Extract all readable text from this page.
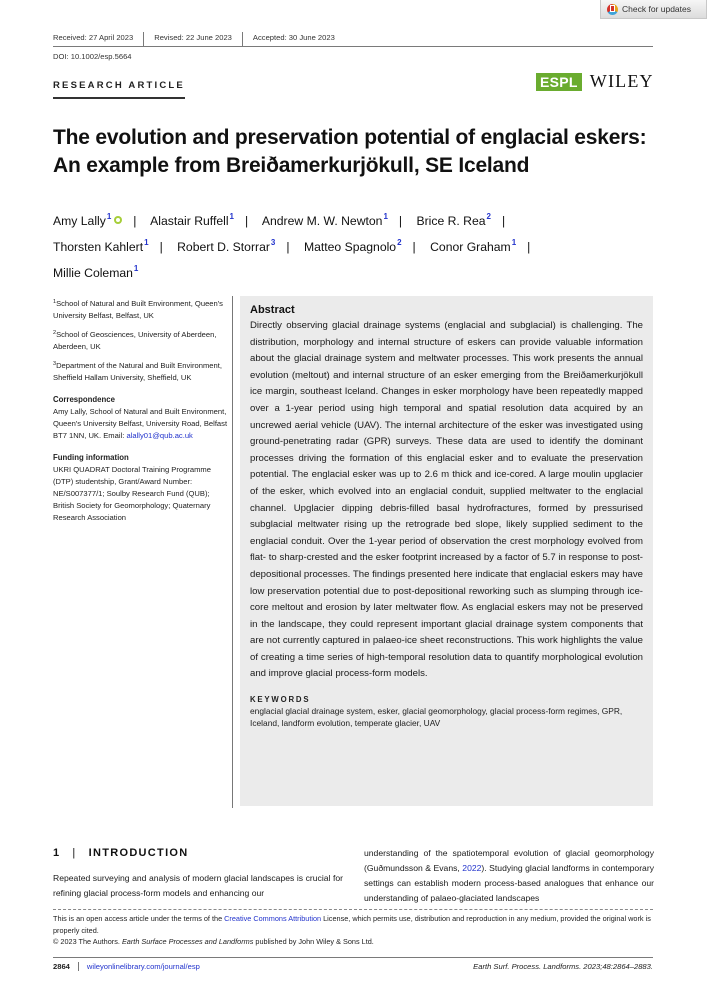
Check for updates
Received: 27 April 2023	Revised: 22 June 2023	Accepted: 30 June 2023
DOI: 10.1002/esp.5664
RESEARCH ARTICLE	ESPL WILEY
The evolution and preservation potential of englacial eskers:
An example from Breiðamerkurjökull, SE Iceland
Amy Lally$^1$ | Alastair Ruffell$^1$ | Andrew M. W. Newton$^1$ | Brice R. Rea$^2$ |
Thorsten Kahlert$^1$ | Robert D. Storrar$^3$ | Matteo Spagnolo$^2$ | Conor Graham$^1$ |
Millie Coleman$^1$
$^1$School of Natural and Built Environment, Queen's University Belfast, Belfast, UK
$^2$School of Geosciences, University of Aberdeen, Aberdeen, UK
$^3$Department of the Natural and Built Environment, Sheffield Hallam University, Sheffield, UK
Correspondence
Amy Lally, School of Natural and Built Environment, Queen's University Belfast, University Road, Belfast BT7 1NN, UK. Email: alally01@qub.ac.uk
Funding information
UKRI QUADRAT Doctoral Training Programme (DTP) studentship, Grant/Award Number: NE/S007377/1; Soulby Research Fund (QUB); British Society for Geomorphology; Quaternary Research Association
Abstract

Directly observing glacial drainage systems (englacial and subglacial) is challenging. The distribution, morphology and internal structure of eskers can provide valuable information about the glacial drainage system and meltwater processes. This work presents the annual evolution (meltout) and internal structure of an esker emerging from the Breiðamerkurjökull ice margin, southeast Iceland. Changes in esker morphology have been repeatedly mapped over a 1-year period using high temporal and spatial resolution data acquired by an uncrewed aerial vehicle (UAV). The internal architecture of the esker was investigated using ground-penetrating radar (GPR) surveys. These data are used to identify the dominant processes driving the formation of this englacial esker and to evaluate the preservation potential. The englacial esker was up to 2.6 m thick and ice-cored. A large moulin upglacier of the esker, which evolved into an englacial conduit, supplied meltwater to the englacial channel. Upglacier dipping debris-filled basal hydrofractures, formed by pressurised subglacial meltwater rising up the retrograde bed slope, likely supplied sediment to the englacial conduit. Over the 1-year period of observation the crest morphology evolved from flat- to sharp-crested and the esker footprint increased by a factor of 5.7 in response to post-depositional processes. The findings presented here indicate that englacial eskers may have low preservation potential due to post-depositional reworking such as slumping through ice-core meltout and erosion by later meltwater flow. As englacial eskers may not be preserved in the landscape, they could represent important glacial drainage system components that are not currently captured in palaeo-ice sheet reconstructions. This work highlights the value of creating a time series of high-temporal resolution data to quantify morphological evolution and improve glacial process-form models.

KEYWORDS
englacial glacial drainage system, esker, glacial geomorphology, glacial process-form regimes, GPR, Iceland, landform evolution, temperate glacier, UAV
1 | INTRODUCTION

Repeated surveying and analysis of modern glacial landscapes is crucial for refining glacial process-form models and enhancing our

understanding of the spatiotemporal evolution of glacial geomorphology (Guðmundsson & Evans, 2022). Studying glacial landforms in contemporary settings can establish modern process-based analogues that enhance our understanding of palaeo-glaciated landscapes

This is an open access article under the terms of the Creative Commons Attribution License, which permits use, distribution and reproduction in any medium, provided the original work is properly cited.
© 2023 The Authors. Earth Surface Processes and Landforms published by John Wiley & Sons Ltd.
2864	wileyonlinelibrary.com/journal/esp	Earth Surf. Process. Landforms. 2023;48:2864–2883.
